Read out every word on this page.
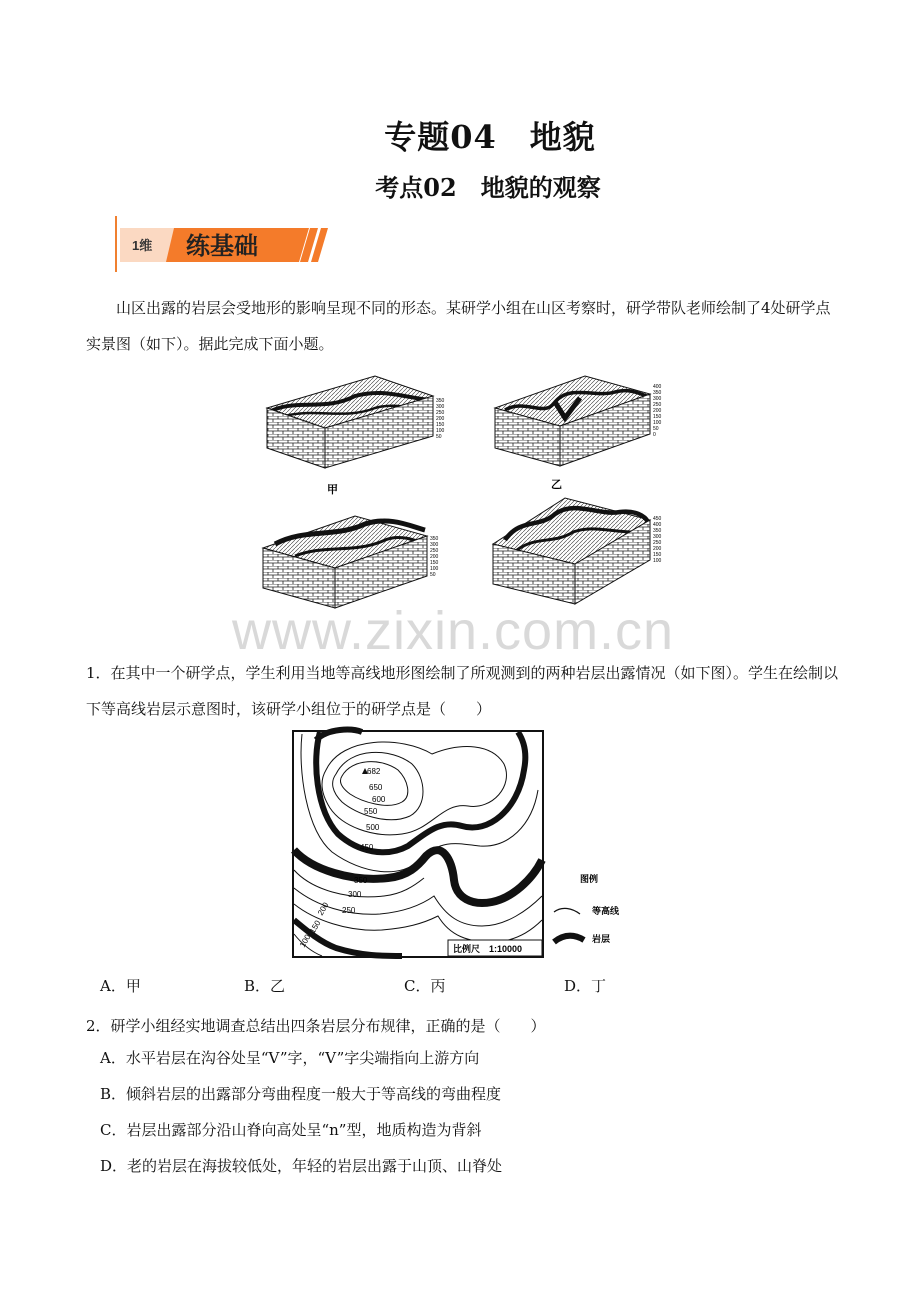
专题04　地貌
考点02　地貌的观察
1维 练基础

山区出露的岩层会受地形的影响呈现不同的形态。某研学小组在山区考察时，研学带队老师绘制了4处研学点实景图（如下）。据此完成下面小题。

350
300
250
200
150
100
50
甲
400
350
300
250
200
150
100
50
0
乙
350
300
250
200
150
100
50
450
400
350
300
250
200
150
100
www.zixin.com.cn

1．在其中一个研学点，学生利用当地等高线地形图绘制了所观测到的两种岩层出露情况（如下图）。学生在绘制以下等高线岩层示意图时，该研学小组位于的研学点是（　　）

682
650
600
550
500
450
350
300
250
200
150
100	比例尺　1:10000
图例
等高线
岩层
A．甲	B．乙	C．丙	D．丁

2．研学小组经实地调查总结出四条岩层分布规律，正确的是（　　）

A．水平岩层在沟谷处呈“V”字，“V”字尖端指向上游方向

B．倾斜岩层的出露部分弯曲程度一般大于等高线的弯曲程度

C．岩层出露部分沿山脊向高处呈“n”型，地质构造为背斜

D．老的岩层在海拔较低处，年轻的岩层出露于山顶、山脊处
